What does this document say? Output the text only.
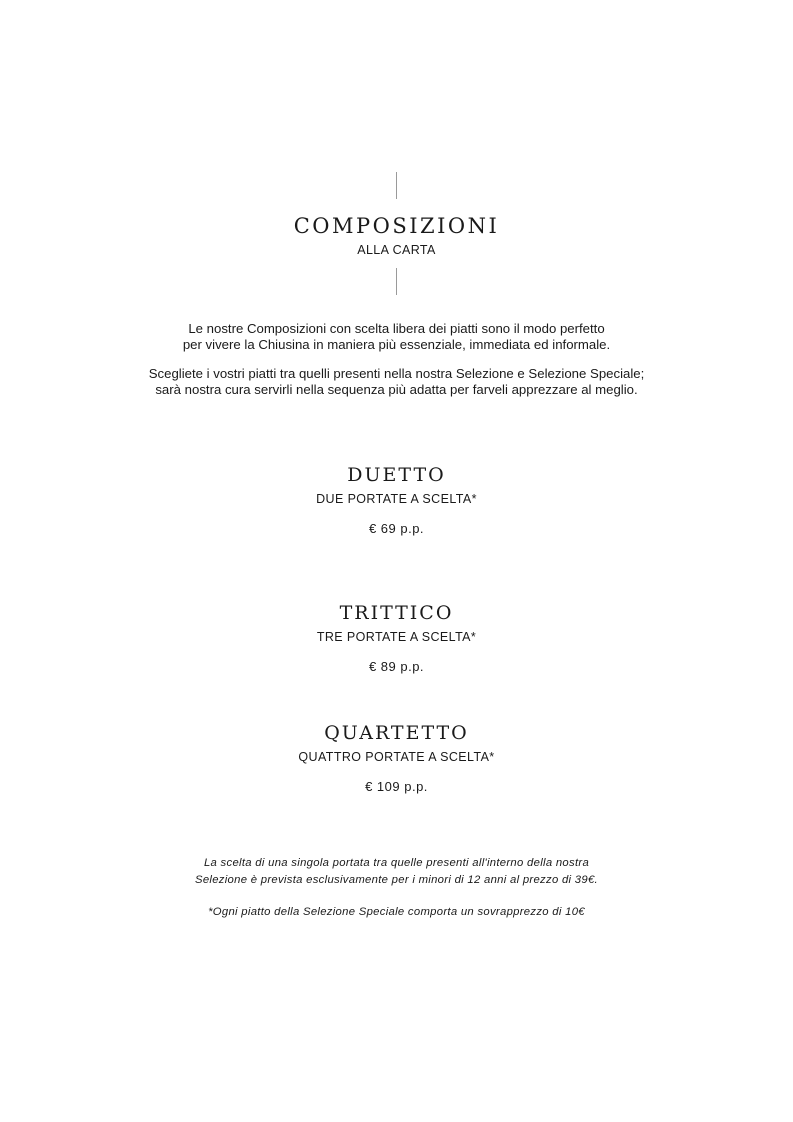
COMPOSIZIONI
ALLA CARTA
Le nostre Composizioni con scelta libera dei piatti sono il modo perfetto
per vivere la Chiusina in maniera più essenziale, immediata ed informale.
Scegliete i vostri piatti tra quelli presenti nella nostra Selezione e Selezione Speciale;
sarà nostra cura servirli nella sequenza più adatta per farveli apprezzare al meglio.
DUETTO
DUE PORTATE A SCELTA*
€ 69 p.p.
TRITTICO
TRE PORTATE A SCELTA*
€ 89 p.p.
QUARTETTO
QUATTRO PORTATE A SCELTA*
€ 109 p.p.
La scelta di una singola portata tra quelle presenti all'interno della nostra
Selezione è prevista esclusivamente per i minori di 12 anni al prezzo di 39€.
*Ogni piatto della Selezione Speciale comporta un sovrapprezzo di 10€
